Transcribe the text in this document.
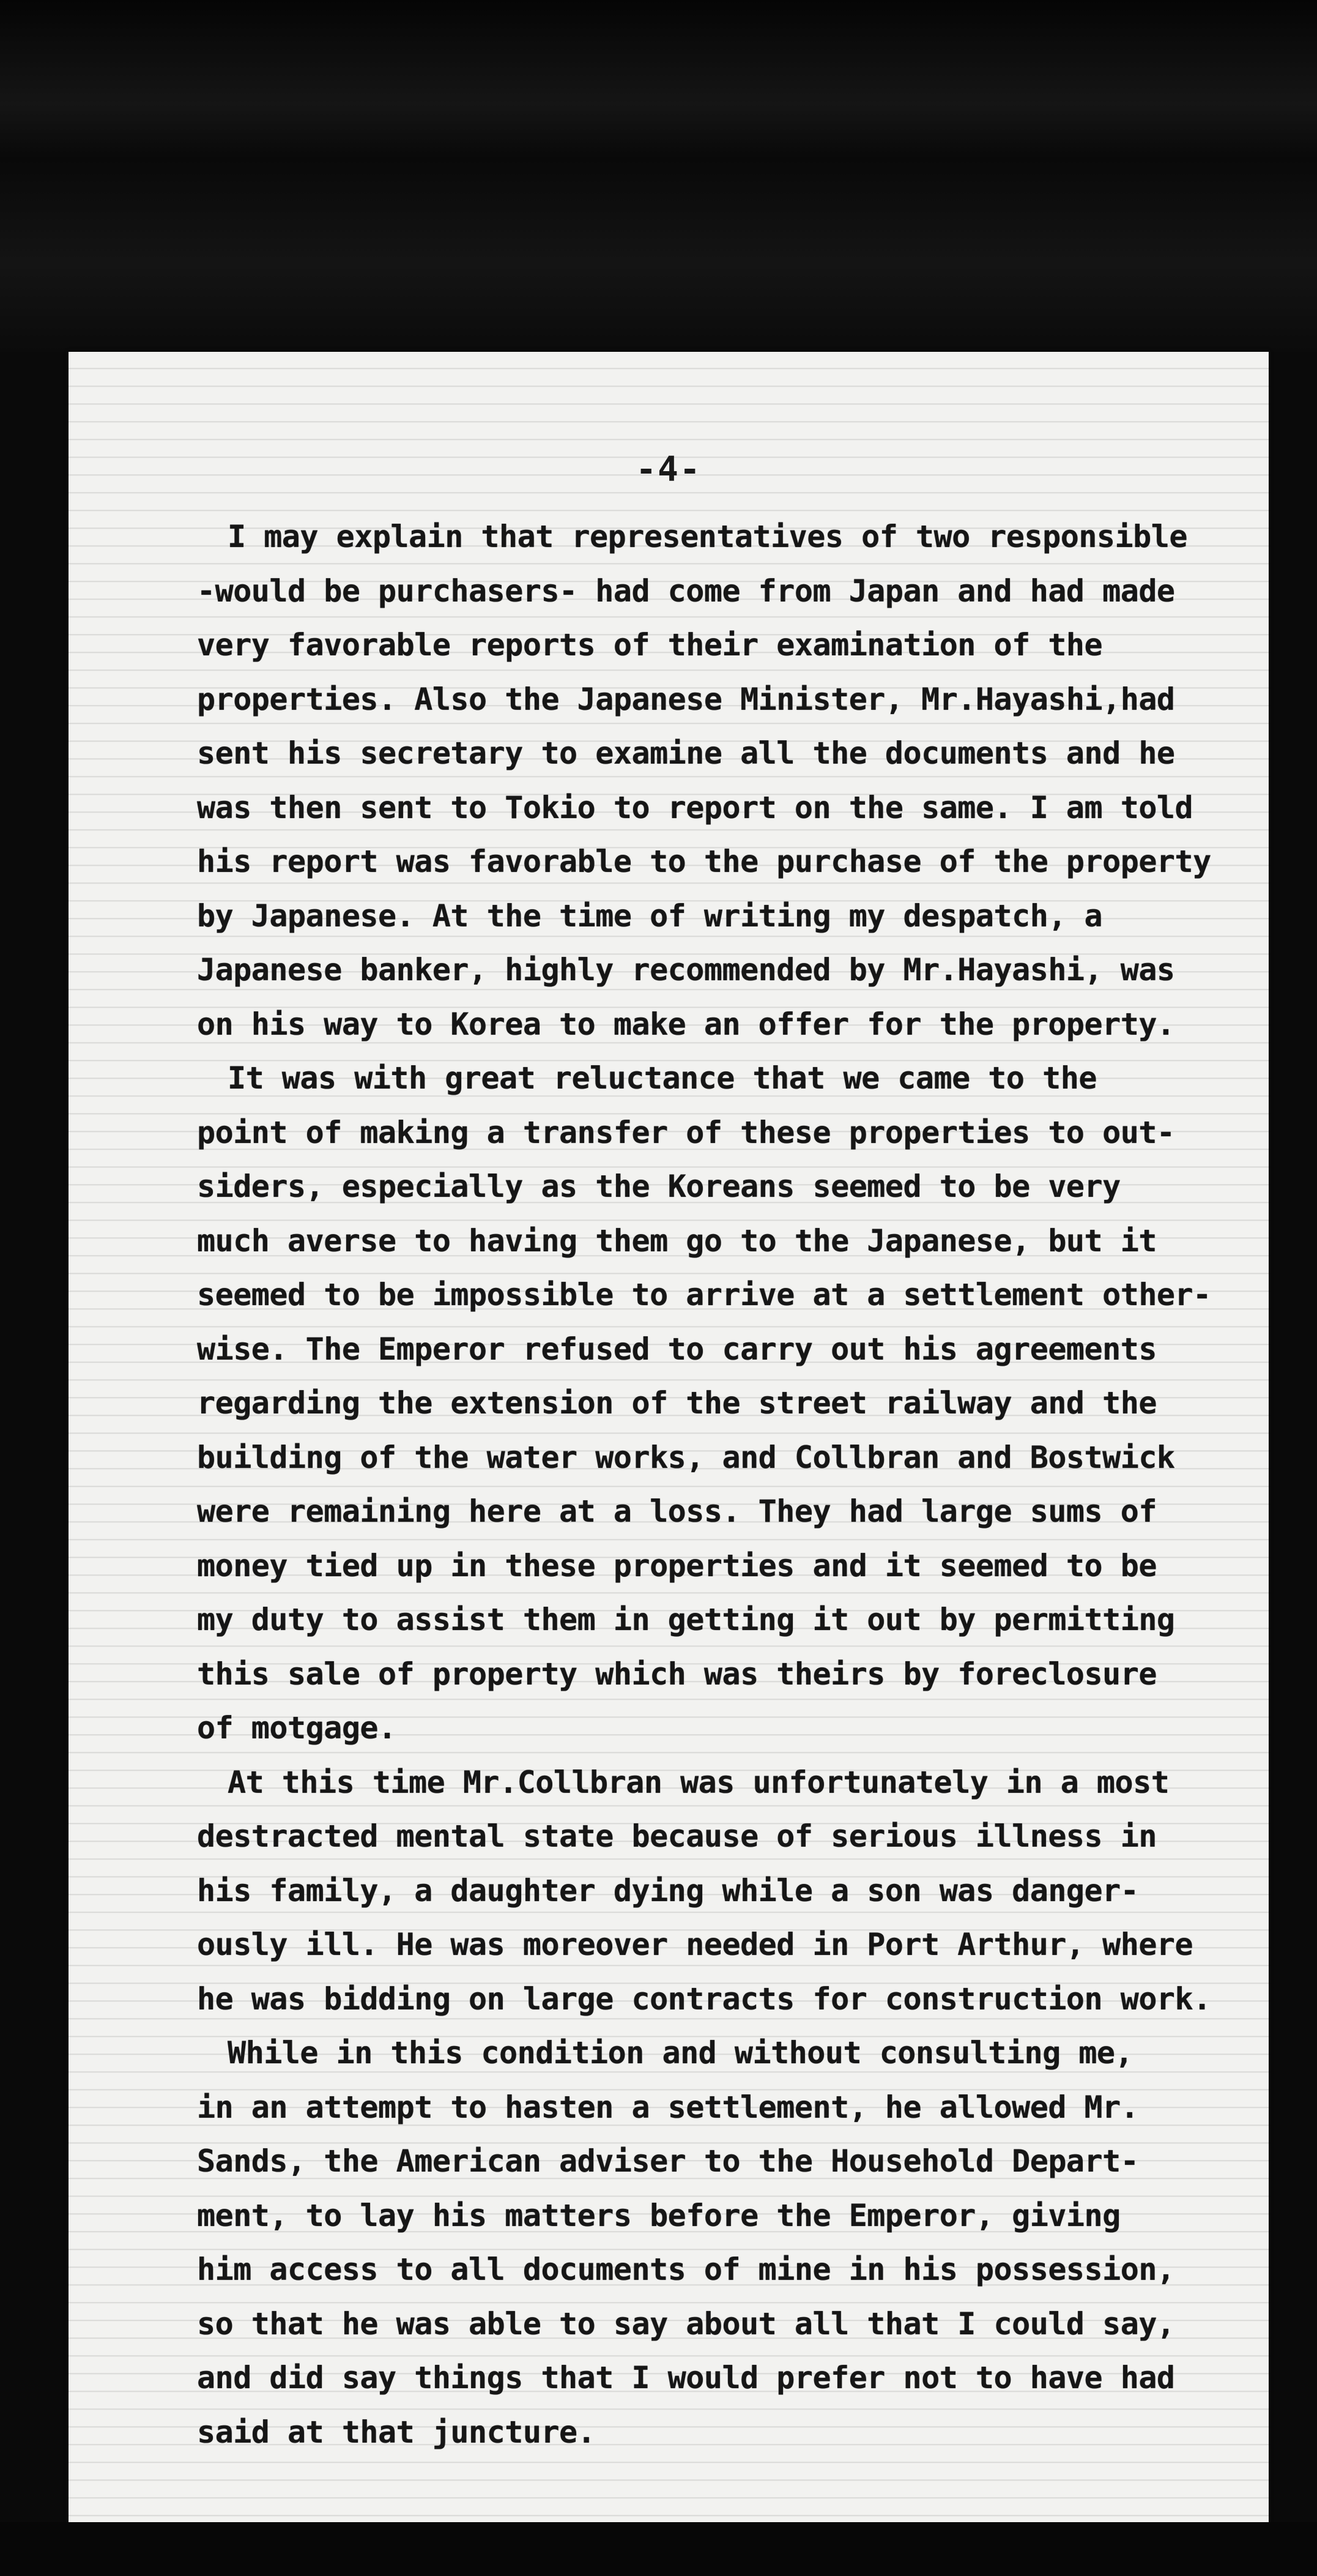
-4-
I may explain that representatives of two responsible
-would be purchasers- had come from Japan and had made
very favorable reports of their examination of the
properties. Also the Japanese Minister, Mr.Hayashi,had
sent his secretary to examine all the documents and he
was then sent to Tokio to report on the same. I am told
his report was favorable to the purchase of the property
by Japanese. At the time of writing my despatch, a
Japanese banker, highly recommended by Mr.Hayashi, was
on his way to Korea to make an offer for the property.
It was with great reluctance that we came to the
point of making a transfer of these properties to out-
siders, especially as the Koreans seemed to be very
much averse to having them go to the Japanese, but it
seemed to be impossible to arrive at a settlement other-
wise. The Emperor refused to carry out his agreements
regarding the extension of the street railway and the
building of the water works, and Collbran and Bostwick
were remaining here at a loss. They had large sums of
money tied up in these properties and it seemed to be
my duty to assist them in getting it out by permitting
this sale of property which was theirs by foreclosure
of motgage.
At this time Mr.Collbran was unfortunately in a most
destracted mental state because of serious illness in
his family, a daughter dying while a son was danger-
ously ill. He was moreover needed in Port Arthur, where
he was bidding on large contracts for construction work.
While in this condition and without consulting me,
in an attempt to hasten a settlement, he allowed Mr.
Sands, the American adviser to the Household Depart-
ment, to lay his matters before the Emperor, giving
him access to all documents of mine in his possession,
so that he was able to say about all that I could say,
and did say things that I would prefer not to have had
said at that juncture.
